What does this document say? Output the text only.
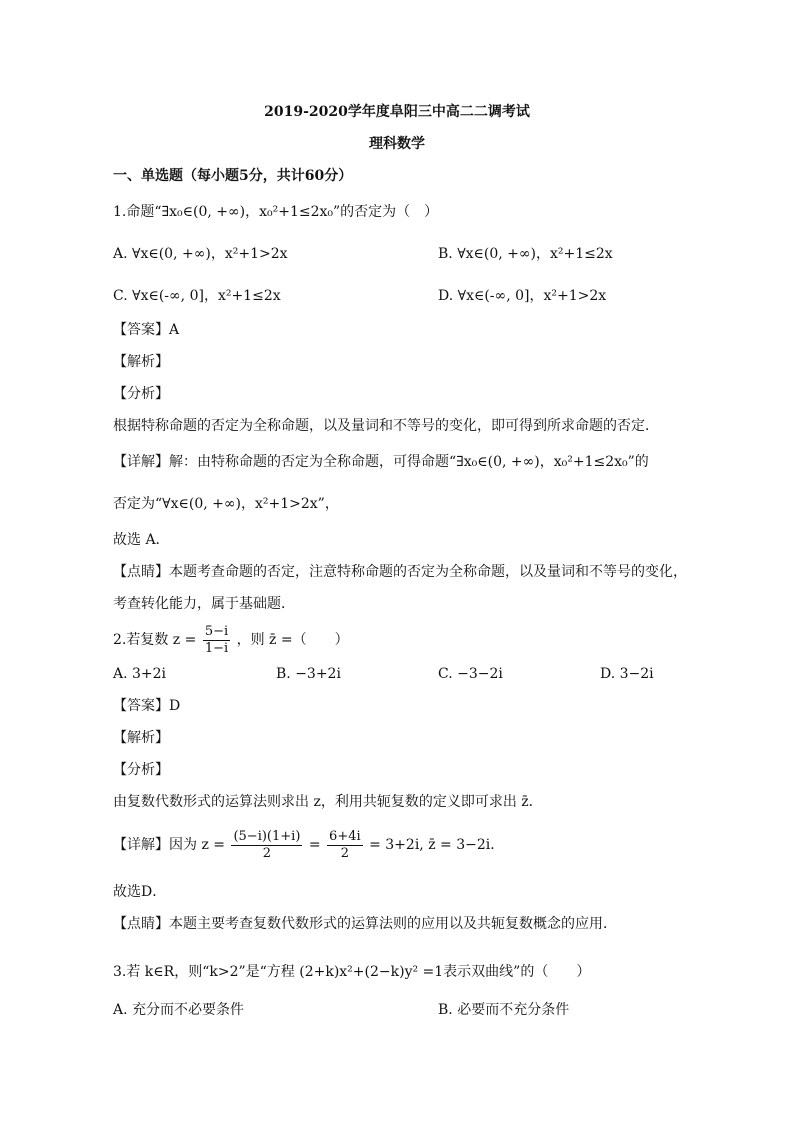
2019-2020学年度阜阳三中高二二调考试
理科数学
一、单选题（每小题5分，共计60分）
1.命题“∃x₀∈(0, +∞)，x₀²+1≤2x₀”的否定为（　）
A. ∀x∈(0, +∞)，x²+1>2x	B. ∀x∈(0, +∞)，x²+1≤2x
C. ∀x∈(-∞, 0]，x²+1≤2x	D. ∀x∈(-∞, 0]，x²+1>2x
【答案】A
【解析】
【分析】
根据特称命题的否定为全称命题，以及量词和不等号的变化，即可得到所求命题的否定．
【详解】解：由特称命题的否定为全称命题，可得命题“∃x₀∈(0, +∞)，x₀²+1≤2x₀”的
否定为“∀x∈(0, +∞)，x²+1>2x”，
故选 A．
【点睛】本题考查命题的否定，注意特称命题的否定为全称命题，以及量词和不等号的变化，
考查转化能力，属于基础题．
2.若复数 $z = \frac{5-i}{1-i}$ ，则 z̄ =（　　）
A. 3+2i	B. −3+2i	C. −3−2i	D. 3−2i
【答案】D
【解析】
【分析】
由复数代数形式的运算法则求出 z，利用共轭复数的定义即可求出 z̄．
【详解】因为 $z = \frac{(5-i)(1+i)}{2} = \frac{6+4i}{2} = 3+2i$, z̄ = 3−2i．
故选D．
【点睛】本题主要考查复数代数形式的运算法则的应用以及共轭复数概念的应用．
3.若 k∈R，则“k>2”是“方程 (2+k)x²+(2−k)y² =1表示双曲线”的（　　）
A. 充分而不必要条件	B. 必要而不充分条件
